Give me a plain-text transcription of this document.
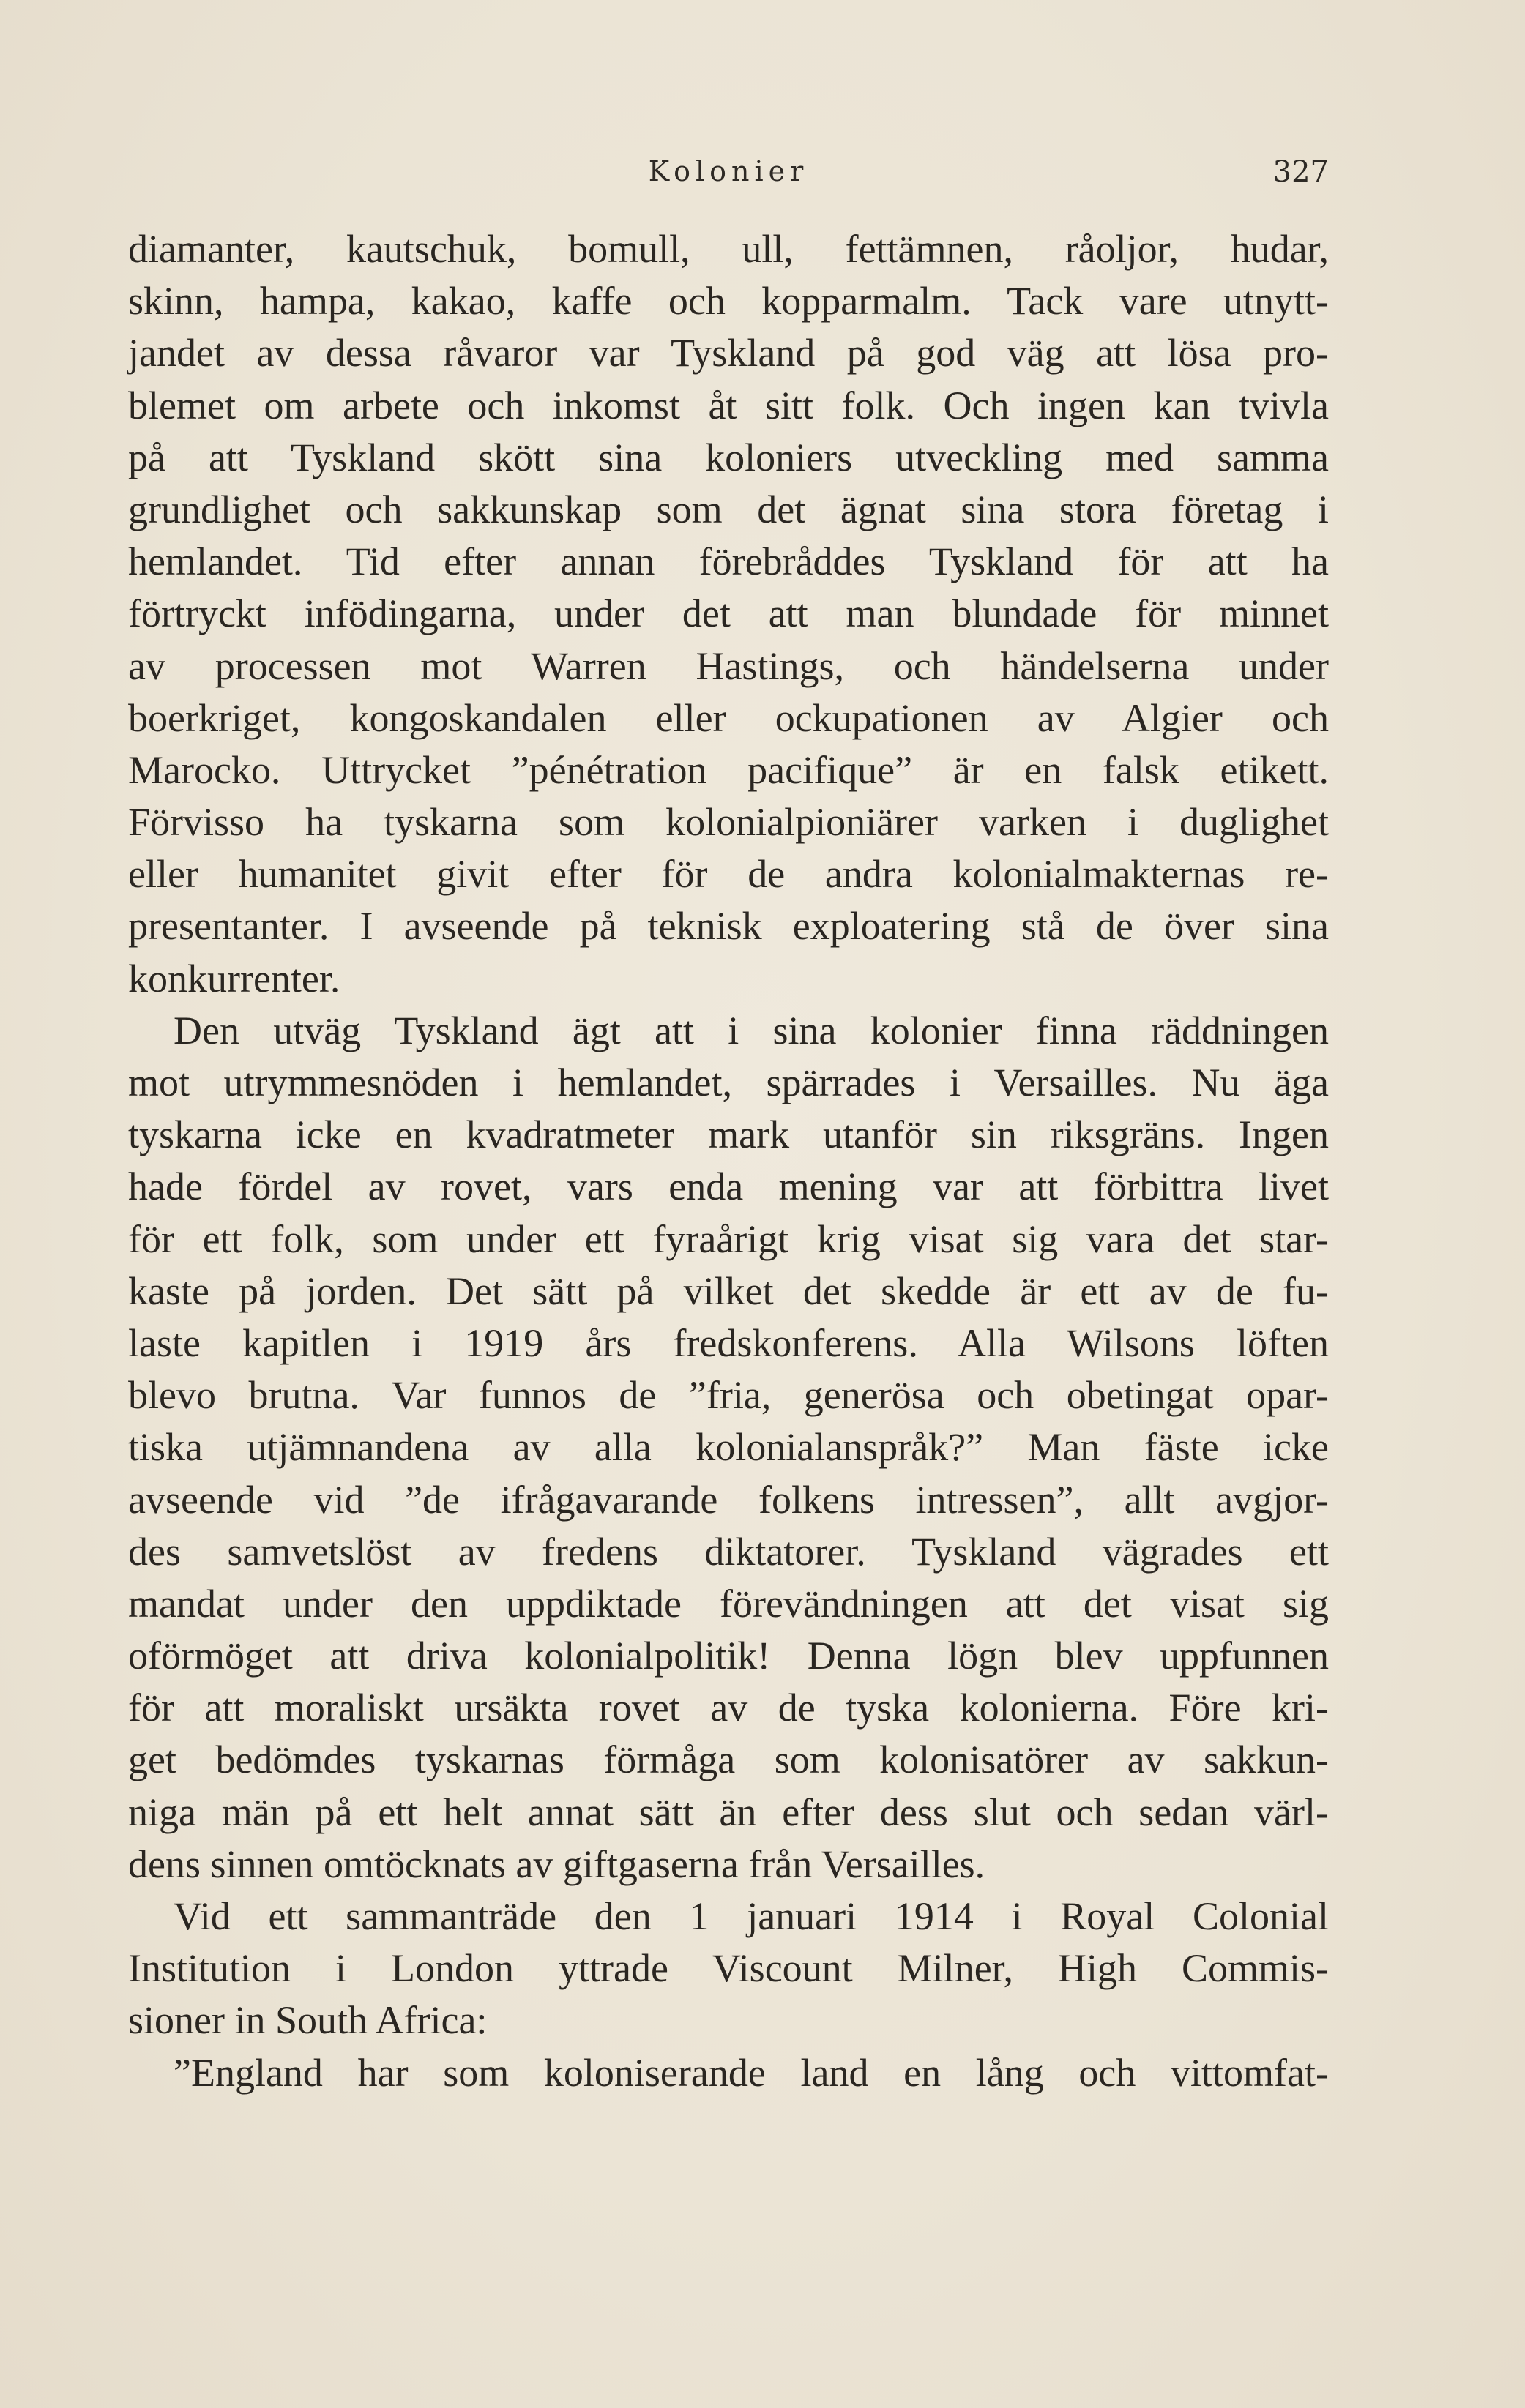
Kolonier	327
diamanter, kautschuk, bomull, ull, fettämnen, råoljor, hudar,
skinn, hampa, kakao, kaffe och kopparmalm. Tack vare utnytt-
jandet av dessa råvaror var Tyskland på god väg att lösa pro-
blemet om arbete och inkomst åt sitt folk. Och ingen kan tvivla
på att Tyskland skött sina koloniers utveckling med samma
grundlighet och sakkunskap som det ägnat sina stora företag i
hemlandet. Tid efter annan förebråddes Tyskland för att ha
förtryckt infödingarna, under det att man blundade för minnet
av processen mot Warren Hastings, och händelserna under
boerkriget, kongoskandalen eller ockupationen av Algier och
Marocko. Uttrycket ”pénétration pacifique” är en falsk etikett.
Förvisso ha tyskarna som kolonialpioniärer varken i duglighet
eller humanitet givit efter för de andra kolonialmakternas re-
presentanter. I avseende på teknisk exploatering stå de över sina
konkurrenter.
Den utväg Tyskland ägt att i sina kolonier finna räddningen
mot utrymmesnöden i hemlandet, spärrades i Versailles. Nu äga
tyskarna icke en kvadratmeter mark utanför sin riksgräns. Ingen
hade fördel av rovet, vars enda mening var att förbittra livet
för ett folk, som under ett fyraårigt krig visat sig vara det star-
kaste på jorden. Det sätt på vilket det skedde är ett av de fu-
laste kapitlen i 1919 års fredskonferens. Alla Wilsons löften
blevo brutna. Var funnos de ”fria, generösa och obetingat opar-
tiska utjämnandena av alla kolonialanspråk?” Man fäste icke
avseende vid ”de ifrågavarande folkens intressen”, allt avgjor-
des samvetslöst av fredens diktatorer. Tyskland vägrades ett
mandat under den uppdiktade förevändningen att det visat sig
oförmöget att driva kolonialpolitik! Denna lögn blev uppfunnen
för att moraliskt ursäkta rovet av de tyska kolonierna. Före kri-
get bedömdes tyskarnas förmåga som kolonisatörer av sakkun-
niga män på ett helt annat sätt än efter dess slut och sedan värl-
dens sinnen omtöcknats av giftgaserna från Versailles.
Vid ett sammanträde den 1 januari 1914 i Royal Colonial
Institution i London yttrade Viscount Milner, High Commis-
sioner in South Africa:
”England har som koloniserande land en lång och vittomfat-
